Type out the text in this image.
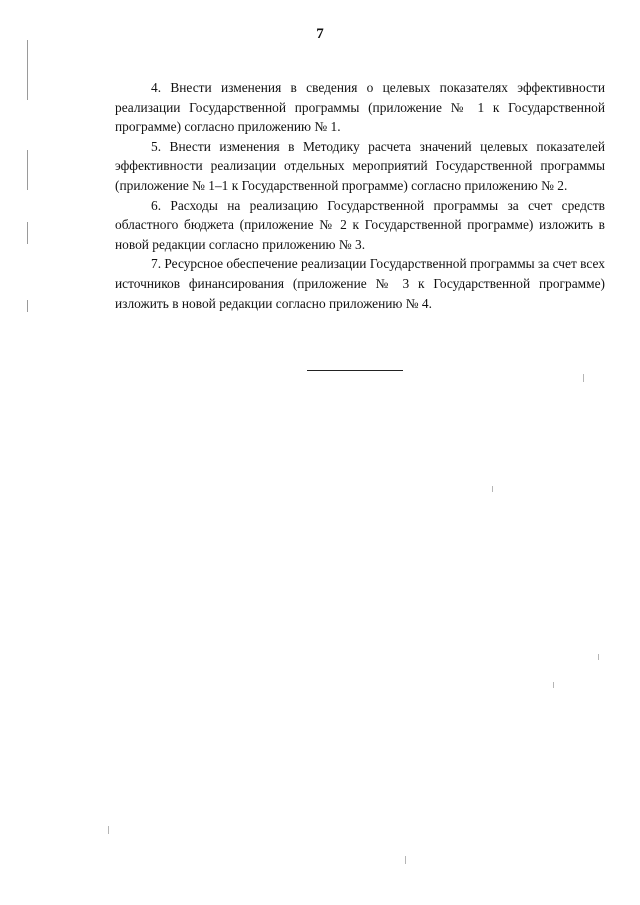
7

4. Внести изменения в сведения о целевых показателях эффективности реализации Государственной программы (приложение № 1 к Государственной программе) согласно приложению № 1.

5. Внести изменения в Методику расчета значений целевых показателей эффективности реализации отдельных мероприятий Государственной программы (приложение № 1–1 к Государственной программе) согласно приложению № 2.

6. Расходы на реализацию Государственной программы за счет средств областного бюджета (приложение № 2 к Государственной программе) изложить в новой редакции согласно приложению № 3.

7. Ресурсное обеспечение реализации Государственной программы за счет всех источников финансирования (приложение № 3 к Государственной программе) изложить в новой редакции согласно приложению № 4.
